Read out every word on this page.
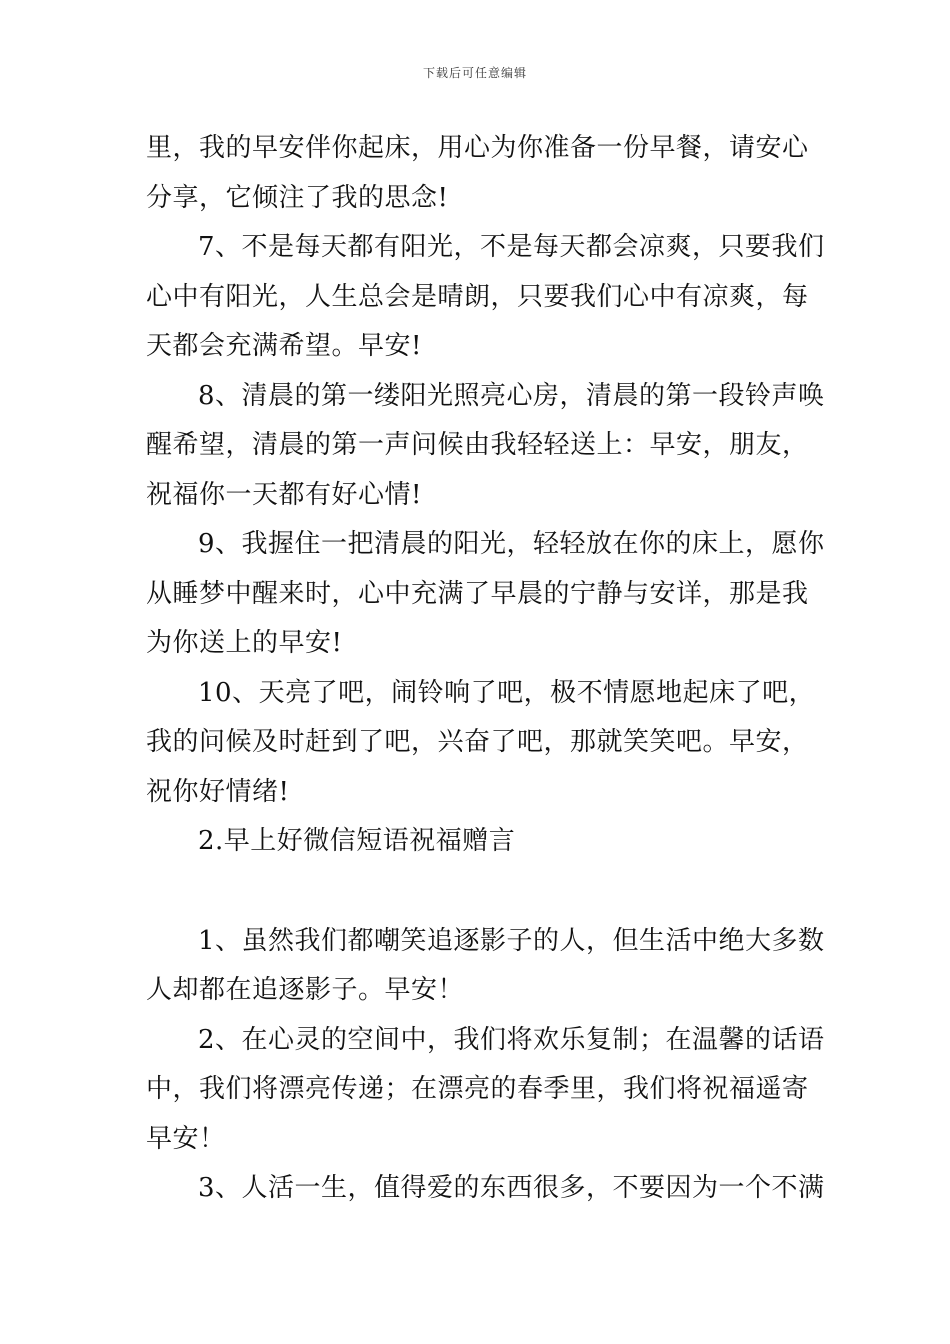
下载后可任意编辑
里，我的早安伴你起床，用心为你准备一份早餐，请安心
分享，它倾注了我的思念!
7、不是每天都有阳光，不是每天都会凉爽，只要我们
心中有阳光，人生总会是晴朗，只要我们心中有凉爽，每
天都会充满希望。早安!
8、清晨的第一缕阳光照亮心房，清晨的第一段铃声唤
醒希望，清晨的第一声问候由我轻轻送上：早安，朋友，
祝福你一天都有好心情!
9、我握住一把清晨的阳光，轻轻放在你的床上，愿你
从睡梦中醒来时，心中充满了早晨的宁静与安详，那是我
为你送上的早安!
10、天亮了吧，闹铃响了吧，极不情愿地起床了吧，
我的问候及时赶到了吧，兴奋了吧，那就笑笑吧。早安，
祝你好情绪!
2.早上好微信短语祝福赠言
1、虽然我们都嘲笑追逐影子的人，但生活中绝大多数
人却都在追逐影子。早安！
2、在心灵的空间中，我们将欢乐复制；在温馨的话语
中，我们将漂亮传递；在漂亮的春季里，我们将祝福遥寄
早安！
3、人活一生，值得爱的东西很多，不要因为一个不满
